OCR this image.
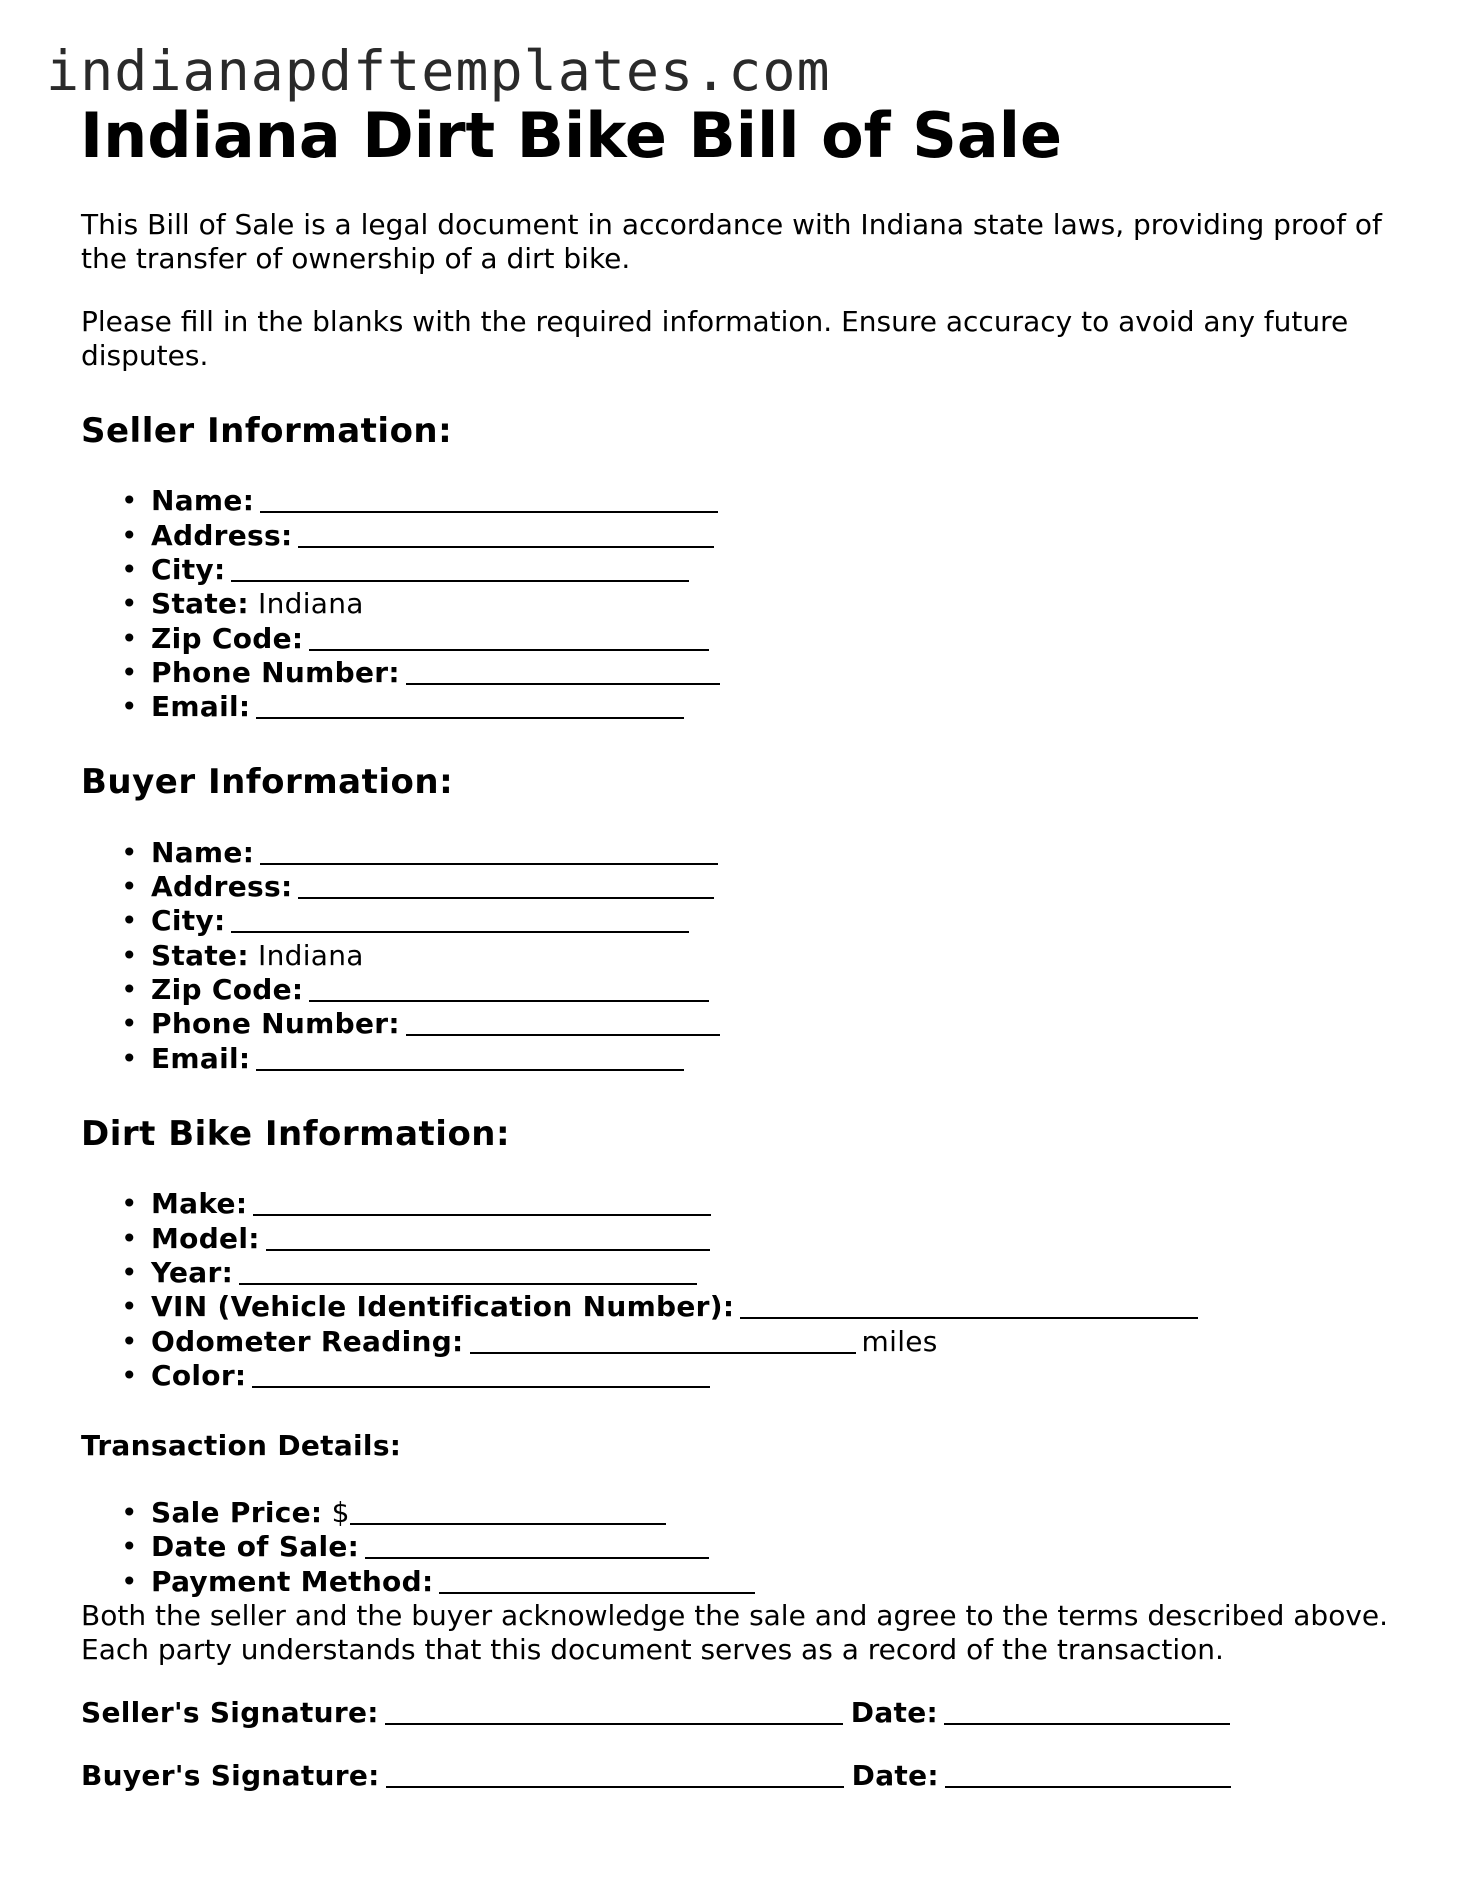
indianapdftemplates.com
Indiana Dirt Bike Bill of Sale

This Bill of Sale is a legal document in accordance with Indiana state laws, providing proof of the transfer of ownership of a dirt bike.

Please fill in the blanks with the required information. Ensure accuracy to avoid any future disputes.

Seller Information:
• Name:
• Address:
• City:
• State: Indiana
• Zip Code:
• Phone Number:
• Email:
Buyer Information:
• Name:
• Address:
• City:
• State: Indiana
• Zip Code:
• Phone Number:
• Email:
Dirt Bike Information:
• Make:
• Model:
• Year:
• VIN (Vehicle Identification Number):
• Odometer Reading:	miles
• Color:
Transaction Details:
• Sale Price: $
• Date of Sale:
• Payment Method:

Both the seller and the buyer acknowledge the sale and agree to the terms described above. Each party understands that this document serves as a record of the transaction.

Seller's Signature:	Date:

Buyer's Signature:	Date:
